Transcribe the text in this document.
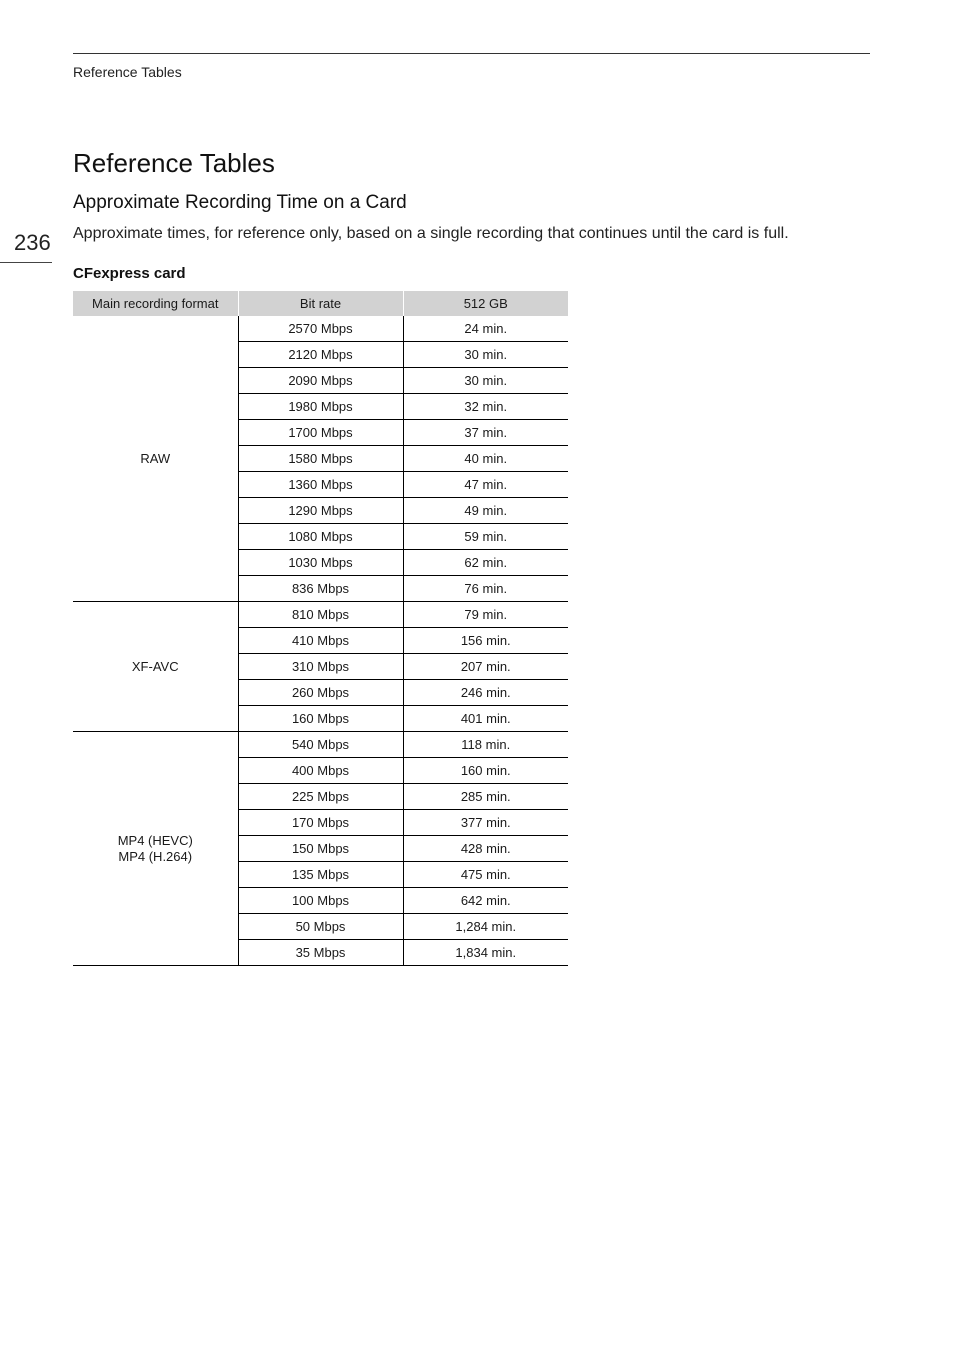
Reference Tables
236
Reference Tables
Approximate Recording Time on a Card

Approximate times, for reference only, based on a single recording that continues until the card is full.

CFexpress card
Main recording format	Bit rate	512 GB

RAW	2570 Mbps	24 min.
	2120 Mbps	30 min.
	2090 Mbps	30 min.
	1980 Mbps	32 min.
	1700 Mbps	37 min.
	1580 Mbps	40 min.
	1360 Mbps	47 min.
	1290 Mbps	49 min.
	1080 Mbps	59 min.
	1030 Mbps	62 min.
	836 Mbps	76 min.

XF-AVC	810 Mbps	79 min.
	410 Mbps	156 min.
	310 Mbps	207 min.
	260 Mbps	246 min.
	160 Mbps	401 min.

MP4 (HEVC)
MP4 (H.264)	540 Mbps	118 min.
	400 Mbps	160 min.
	225 Mbps	285 min.
	170 Mbps	377 min.
	150 Mbps	428 min.
	135 Mbps	475 min.
	100 Mbps	642 min.
	50 Mbps	1,284 min.
	35 Mbps	1,834 min.
